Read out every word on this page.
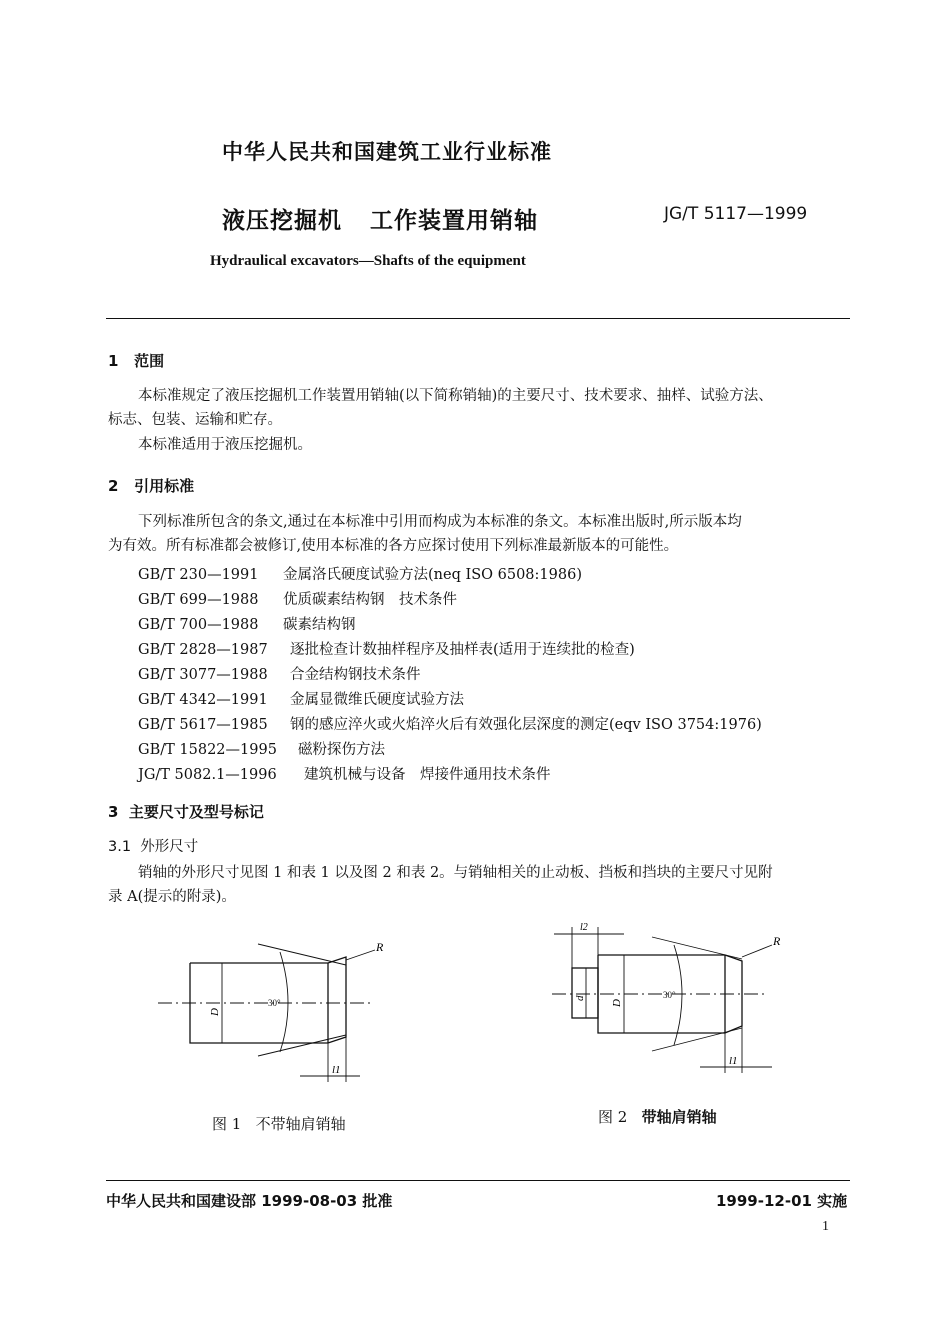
中华人民共和国建筑工业行业标准
液压挖掘机 工作装置用销轴	JG/T 5117—1999
Hydraulical excavators—Shafts of the equipment
1 范围
本标准规定了液压挖掘机工作装置用销轴(以下简称销轴)的主要尺寸、技术要求、抽样、试验方法、
标志、包装、运输和贮存。
本标准适用于液压挖掘机。
2 引用标准
下列标准所包含的条文,通过在本标准中引用而构成为本标准的条文。本标准出版时,所示版本均
为有效。所有标准都会被修订,使用本标准的各方应探讨使用下列标准最新版本的可能性。
GB/T 230—1991 金属洛氏硬度试验方法(neq ISO 6508:1986)
GB/T 699—1988 优质碳素结构钢　技术条件
GB/T 700—1988 碳素结构钢
GB/T 2828—1987 逐批检查计数抽样程序及抽样表(适用于连续批的检查)
GB/T 3077—1988 合金结构钢技术条件
GB/T 4342—1991 金属显微维氏硬度试验方法
GB/T 5617—1985 钢的感应淬火或火焰淬火后有效强化层深度的测定(eqv ISO 3754:1976)
GB/T 15822—1995 磁粉探伤方法
JG/T 5082.1—1996 建筑机械与设备　焊接件通用技术条件
3 主要尺寸及型号标记
3.1 外形尺寸
销轴的外形尺寸见图 1 和表 1 以及图 2 和表 2。与销轴相关的止动板、挡板和挡块的主要尺寸见附
录 A(提示的附录)。
R
30°
D
l1
R
30°
D
d
l2
l1
图 1 不带轴肩销轴	图 2 带轴肩销轴
中华人民共和国建设部 1999-08-03 批准	1999-12-01 实施
1
